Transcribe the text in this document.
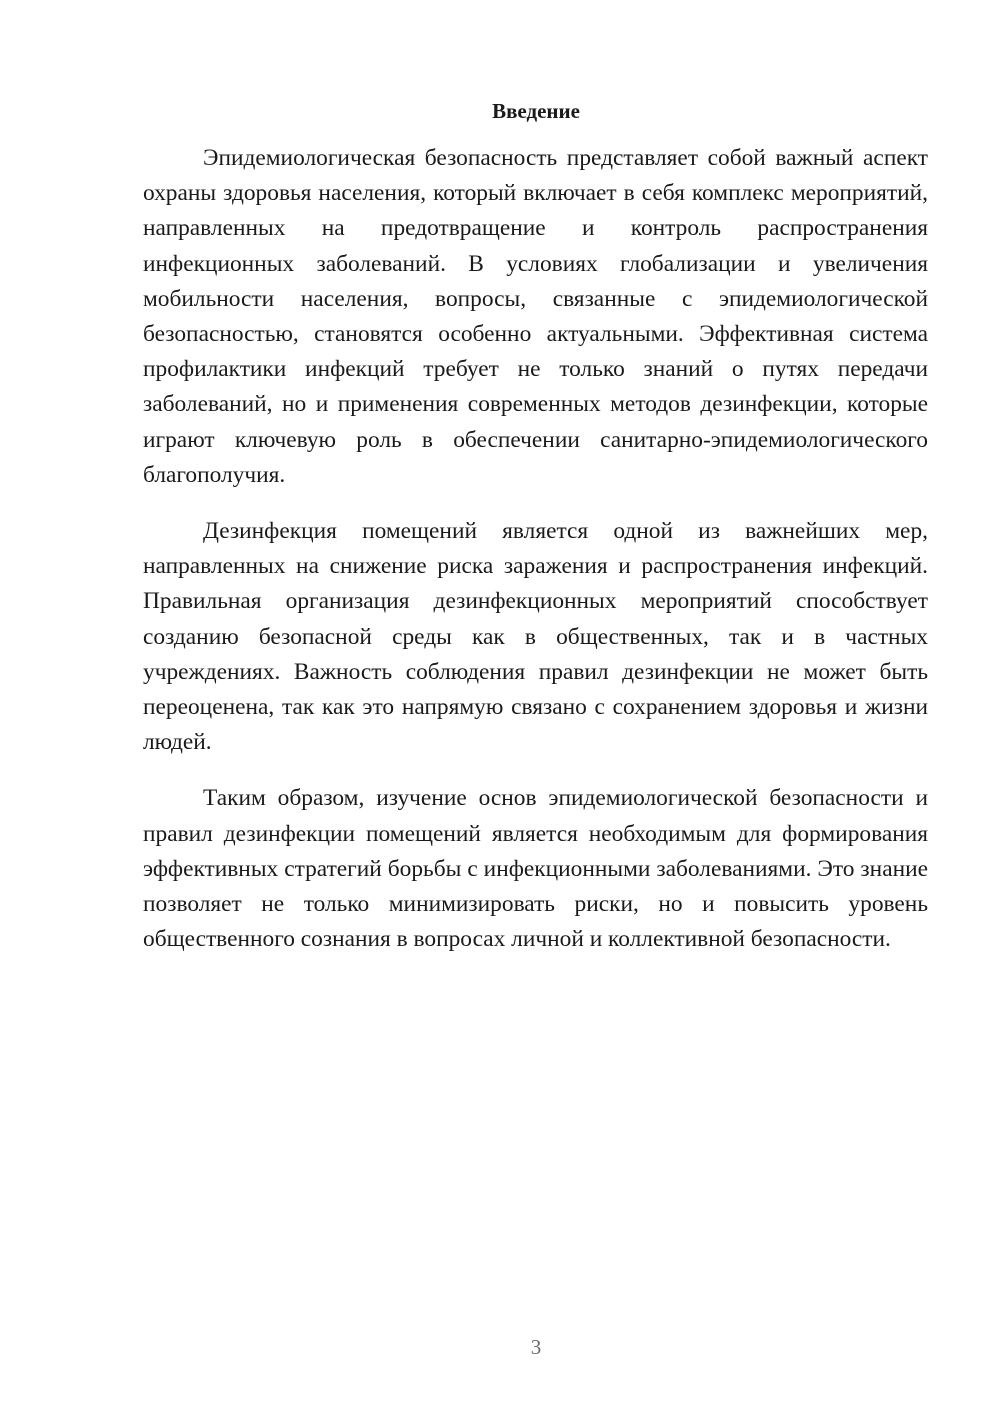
Введение

Эпидемиологическая безопасность представляет собой важный аспект охраны здоровья населения, который включает в себя комплекс мероприятий, направленных на предотвращение и контроль распространения инфекционных заболеваний. В условиях глобализации и увеличения мобильности населения, вопросы, связанные с эпидемиологической безопасностью, становятся особенно актуальными. Эффективная система профилактики инфекций требует не только знаний о путях передачи заболеваний, но и применения современных методов дезинфекции, которые играют ключевую роль в обеспечении санитарно-эпидемиологического благополучия.

Дезинфекция помещений является одной из важнейших мер, направленных на снижение риска заражения и распространения инфекций. Правильная организация дезинфекционных мероприятий способствует созданию безопасной среды как в общественных, так и в частных учреждениях. Важность соблюдения правил дезинфекции не может быть переоценена, так как это напрямую связано с сохранением здоровья и жизни людей.

Таким образом, изучение основ эпидемиологической безопасности и правил дезинфекции помещений является необходимым для формирования эффективных стратегий борьбы с инфекционными заболеваниями. Это знание позволяет не только минимизировать риски, но и повысить уровень общественного сознания в вопросах личной и коллективной безопасности.

3
